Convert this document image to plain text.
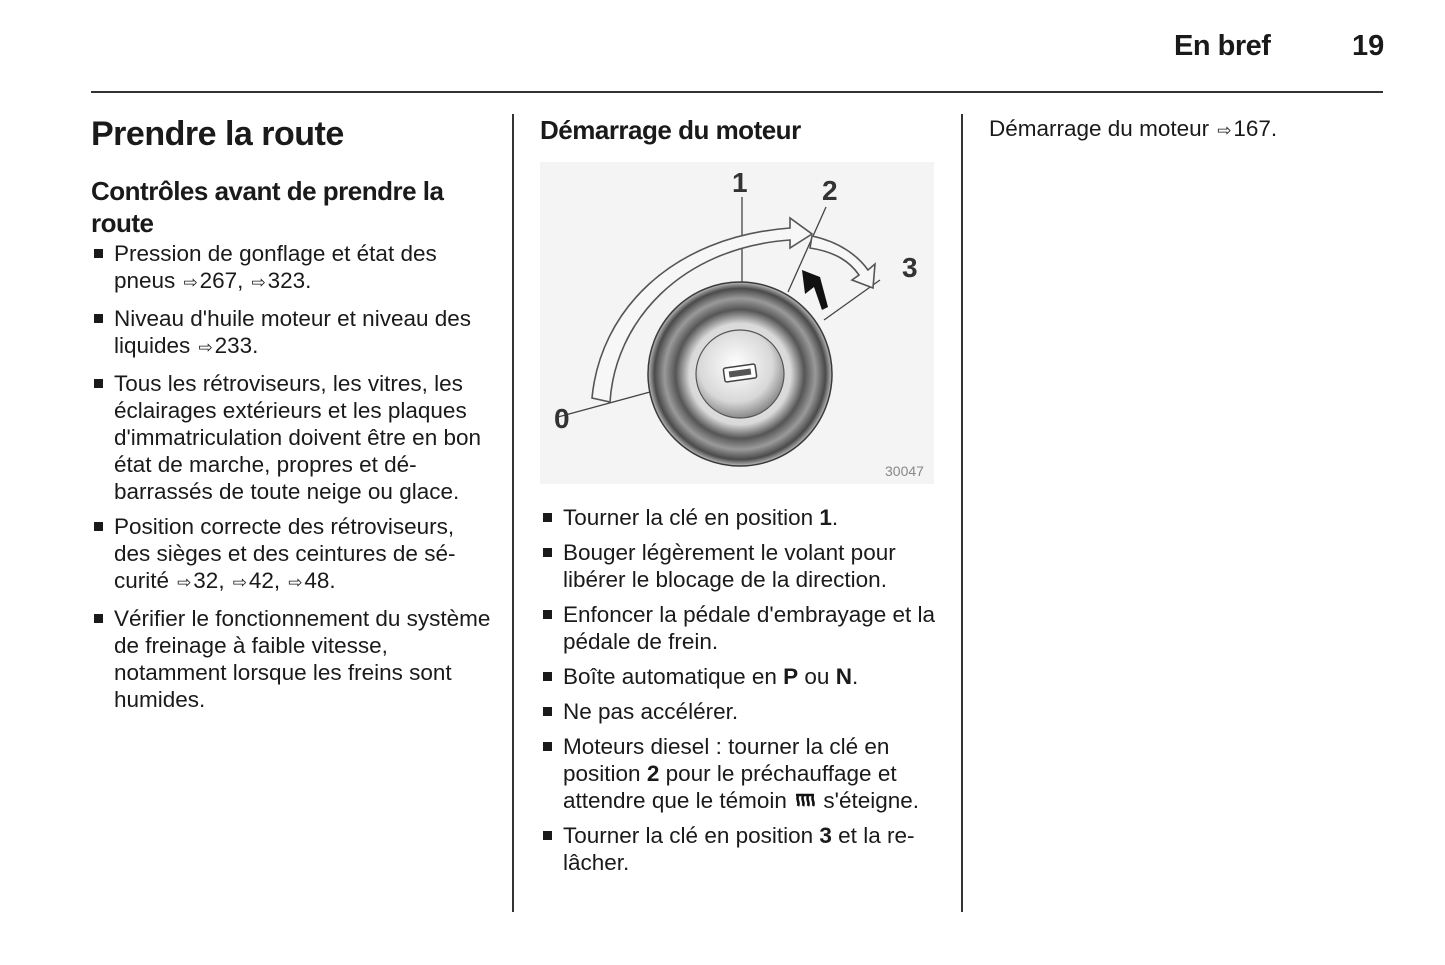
En bref	19
Prendre la route
Contrôles avant de prendre la route
Pression de gonflage et état des pneus ⇨267, ⇨323.
Niveau d'huile moteur et niveau des liquides ⇨233.
Tous les rétroviseurs, les vitres, les éclairages extérieurs et les plaques d'immatriculation doivent être en bon état de marche, propres et débarrassés de toute neige ou glace.
Position correcte des rétroviseurs, des sièges et des ceintures de sécurité ⇨32, ⇨42, ⇨48.
Vérifier le fonctionnement du système de freinage à faible vitesse, notamment lorsque les freins sont humides.
Démarrage du moteur
0
1	2
3
30047
Tourner la clé en position 1.
Bouger légèrement le volant pour libérer le blocage de la direction.
Enfoncer la pédale d'embrayage et la pédale de frein.
Boîte automatique en P ou N.
Ne pas accélérer.
Moteurs diesel : tourner la clé en position 2 pour le préchauffage et attendre que le témoin  s'éteigne.
Tourner la clé en position 3 et la relâcher.

Démarrage du moteur ⇨167.
